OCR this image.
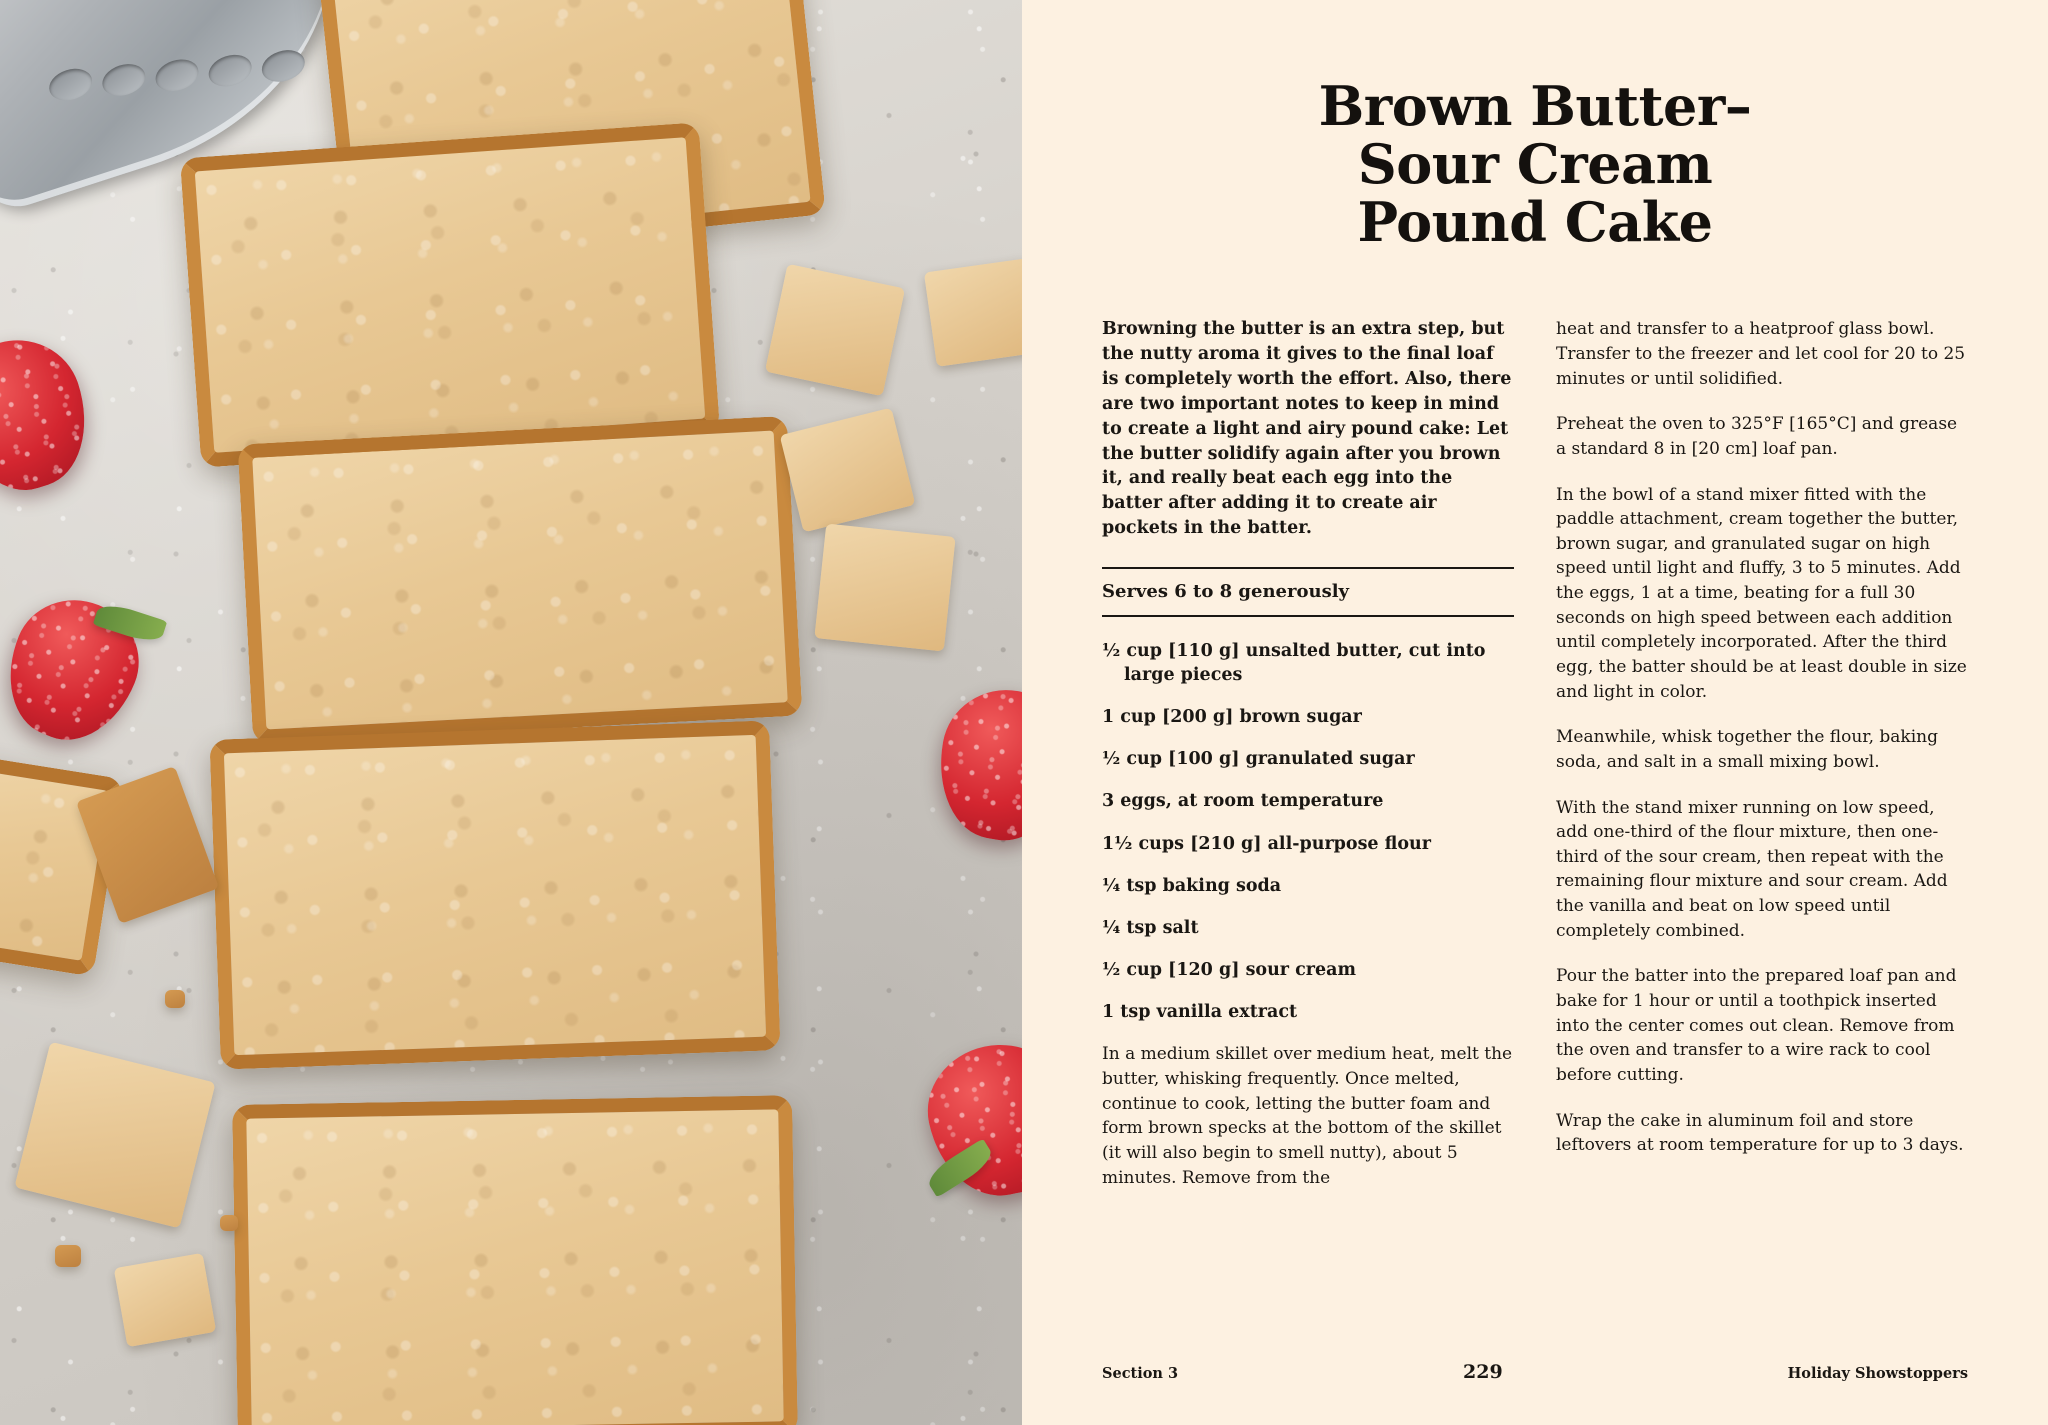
Brown Butter–
Sour Cream
Pound Cake

Browning the butter is an extra step, but the nutty aroma it gives to the final loaf is completely worth the effort. Also, there are two important notes to keep in mind to create a light and airy pound cake: Let the butter solidify again after you brown it, and really beat each egg into the batter after adding it to create air pockets in the batter.

Serves 6 to 8 generously

½ cup [110 g] unsalted butter, cut into large pieces

1 cup [200 g] brown sugar

½ cup [100 g] granulated sugar

3 eggs, at room temperature

1½ cups [210 g] all-purpose flour

¼ tsp baking soda

¼ tsp salt

½ cup [120 g] sour cream

1 tsp vanilla extract

In a medium skillet over medium heat, melt the butter, whisking frequently. Once melted, continue to cook, letting the butter foam and form brown specks at the bottom of the skillet (it will also begin to smell nutty), about 5 minutes. Remove from the

heat and transfer to a heatproof glass bowl. Transfer to the freezer and let cool for 20 to 25 minutes or until solidified.

Preheat the oven to 325°F [165°C] and grease a standard 8 in [20 cm] loaf pan.

In the bowl of a stand mixer fitted with the paddle attachment, cream together the butter, brown sugar, and granulated sugar on high speed until light and fluffy, 3 to 5 minutes. Add the eggs, 1 at a time, beating for a full 30 seconds on high speed between each addition until completely incorporated. After the third egg, the batter should be at least double in size and light in color.

Meanwhile, whisk together the flour, baking soda, and salt in a small mixing bowl.

With the stand mixer running on low speed, add one-third of the flour mixture, then one-third of the sour cream, then repeat with the remaining flour mixture and sour cream. Add the vanilla and beat on low speed until completely combined.

Pour the batter into the prepared loaf pan and bake for 1 hour or until a toothpick inserted into the center comes out clean. Remove from the oven and transfer to a wire rack to cool before cutting.

Wrap the cake in aluminum foil and store leftovers at room temperature for up to 3 days.

Section 3	229	Holiday Showstoppers
